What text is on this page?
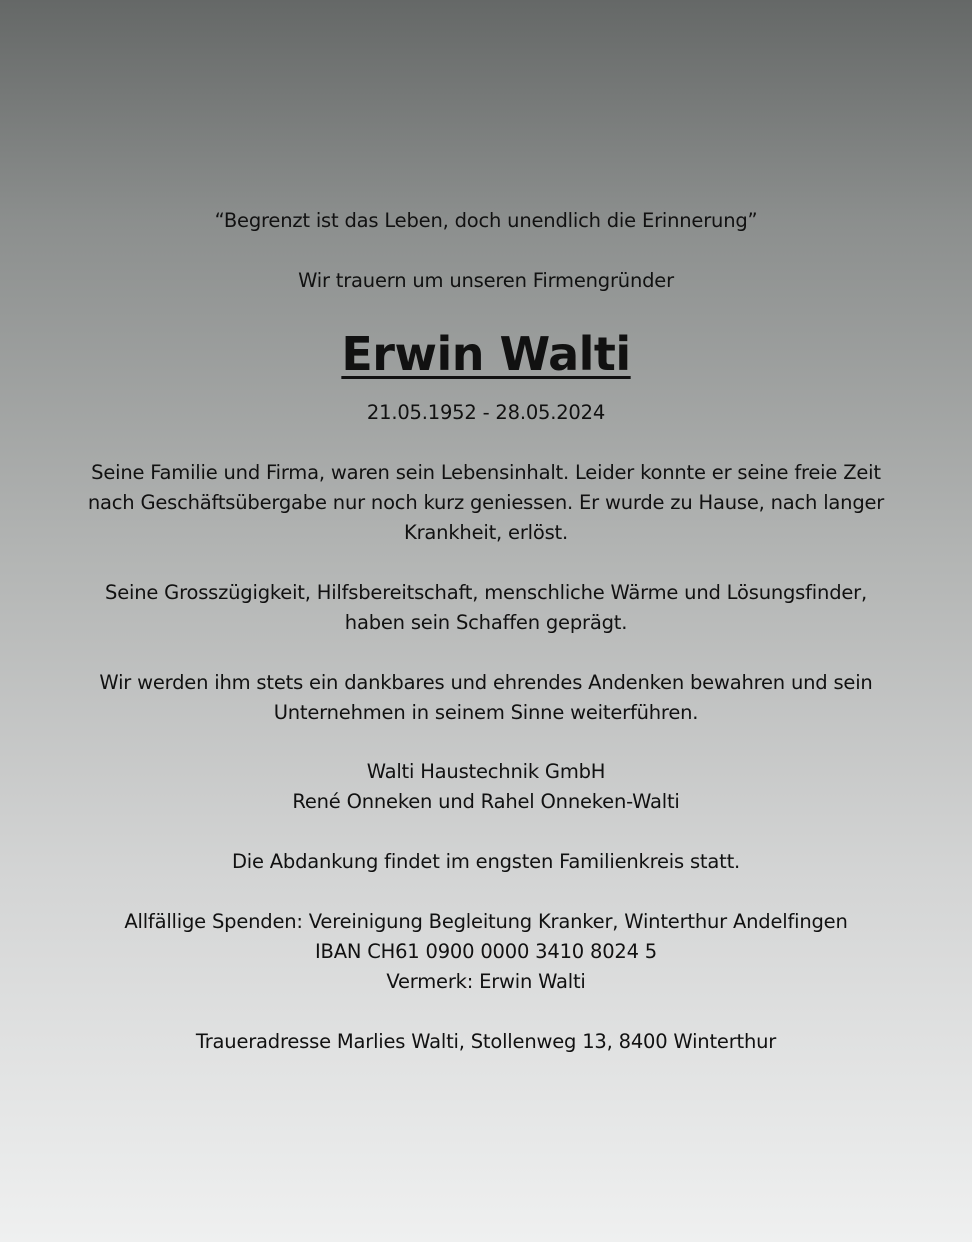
“Begrenzt ist das Leben, doch unendlich die Erinnerung”
Wir trauern um unseren Firmengründer
Erwin Walti
21.05.1952 - 28.05.2024
Seine Familie und Firma, waren sein Lebensinhalt. Leider konnte er seine freie Zeit
nach Geschäftsübergabe nur noch kurz geniessen. Er wurde zu Hause, nach langer
Krankheit, erlöst.
Seine Grosszügigkeit, Hilfsbereitschaft, menschliche Wärme und Lösungsfinder,
haben sein Schaffen geprägt.
Wir werden ihm stets ein dankbares und ehrendes Andenken bewahren und sein
Unternehmen in seinem Sinne weiterführen.
Walti Haustechnik GmbH
René Onneken und Rahel Onneken-Walti
Die Abdankung findet im engsten Familienkreis statt.
Allfällige Spenden: Vereinigung Begleitung Kranker, Winterthur Andelfingen
IBAN CH61 0900 0000 3410 8024 5
Vermerk: Erwin Walti
Traueradresse Marlies Walti, Stollenweg 13, 8400 Winterthur
